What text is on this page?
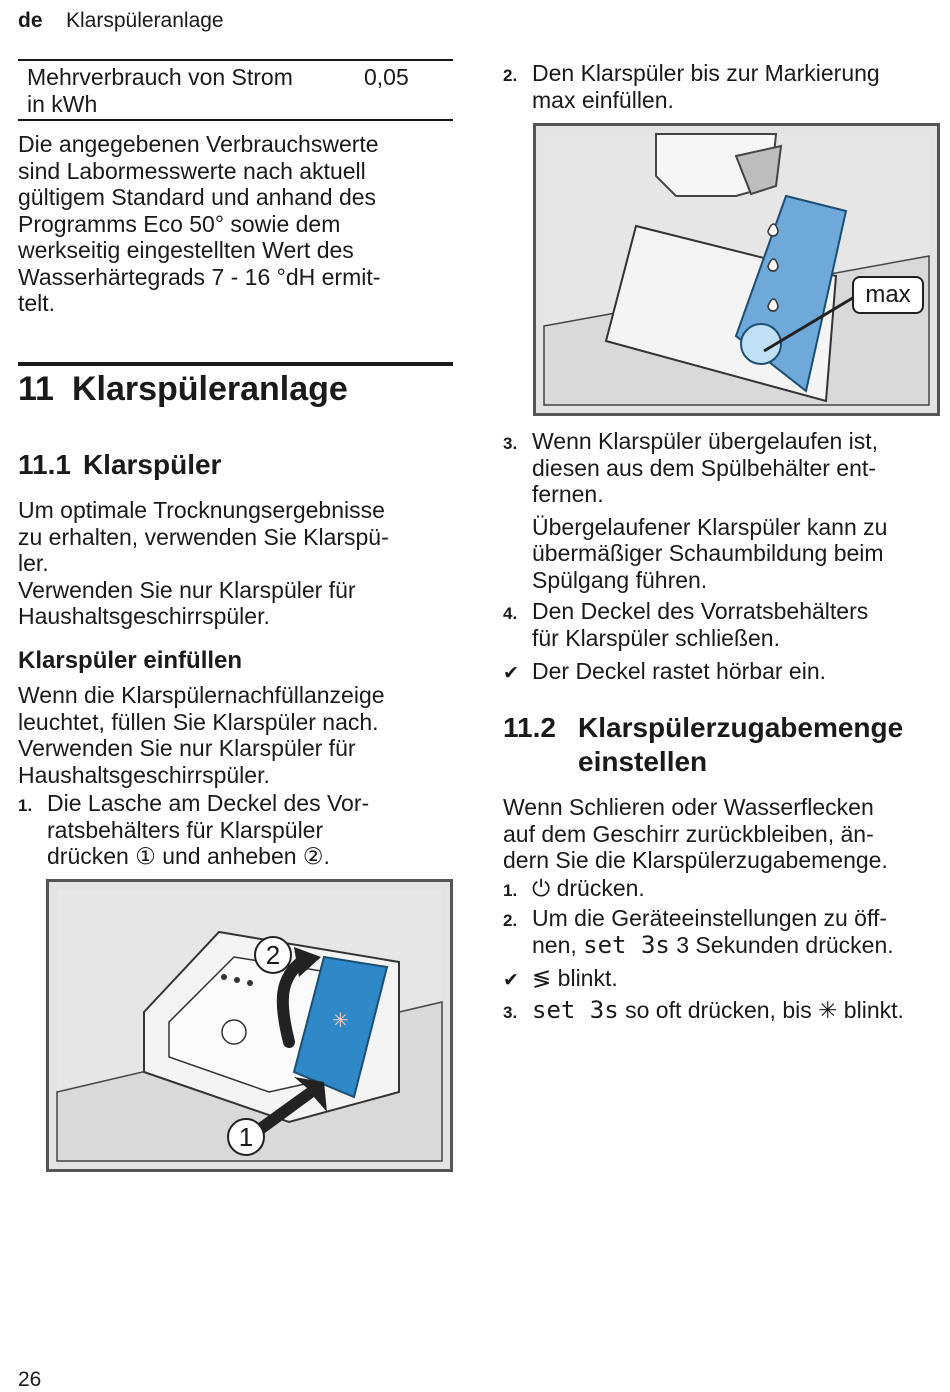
de Klarspüleranlage
Mehrverbrauch von Strom
in kWh
0,05
Die angegebenen Verbrauchswerte
sind Labormesswerte nach aktuell
gültigem Standard und anhand des
Programms Eco 50° sowie dem
werkseitig eingestellten Wert des
Wasserhärtegrads 7 - 16 °dH ermit-
telt.
11 Klarspüleranlage
11.1 Klarspüler
Um optimale Trocknungsergebnisse
zu erhalten, verwenden Sie Klarspü-
ler.
Verwenden Sie nur Klarspüler für
Haushaltsgeschirrspüler.
Klarspüler einfüllen
Wenn die Klarspülernachfüllanzeige
leuchtet, füllen Sie Klarspüler nach.
Verwenden Sie nur Klarspüler für
Haushaltsgeschirrspüler.
1. Die Lasche am Deckel des Vor-
ratsbehälters für Klarspüler
drücken ① und anheben ②.
✳
2
1
2. Den Klarspüler bis zur Markierung
max einfüllen.
max
3. Wenn Klarspüler übergelaufen ist,
diesen aus dem Spülbehälter ent-
fernen.
Übergelaufener Klarspüler kann zu
übermäßiger Schaumbildung beim
Spülgang führen.
4. Den Deckel des Vorratsbehälters
für Klarspüler schließen.
✔ Der Deckel rastet hörbar ein.
11.2 Klarspülerzugabemenge
einstellen
Wenn Schlieren oder Wasserflecken
auf dem Geschirr zurückbleiben, än-
dern Sie die Klarspülerzugabemenge.
1. ⏻ drücken.
2. Um die Geräteeinstellungen zu öff-
nen, set 3s 3 Sekunden drücken.
✔ ≶ blinkt.
3. set 3s so oft drücken, bis ✳ blinkt.
26
